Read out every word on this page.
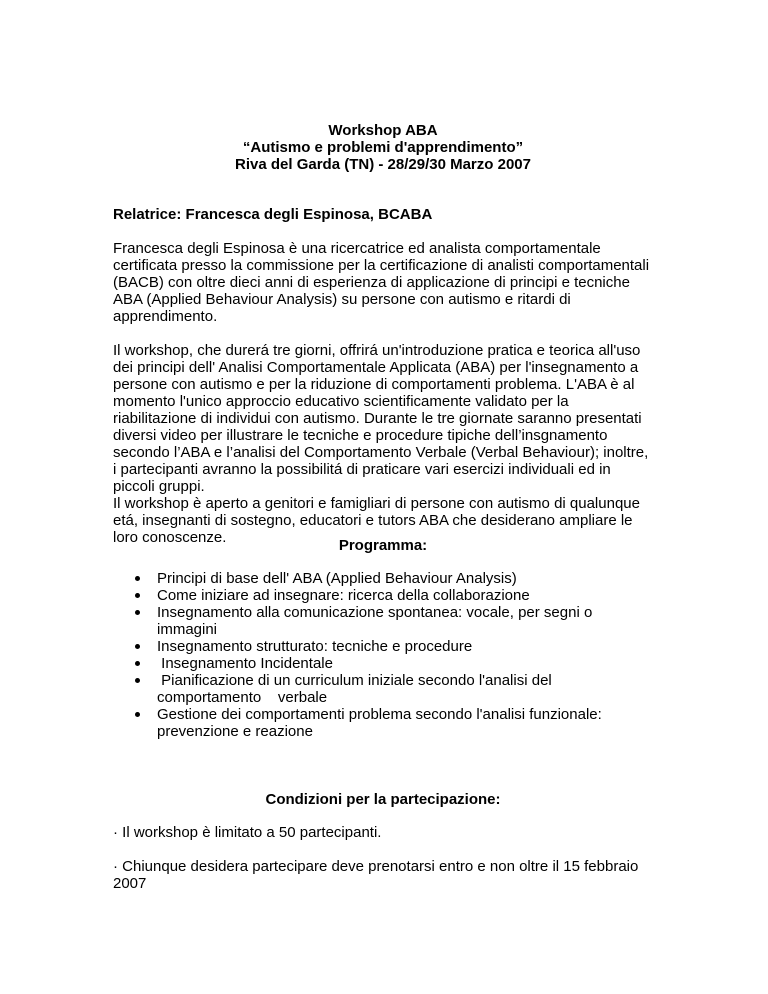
Workshop ABA
“Autismo e problemi d'apprendimento”
Riva del Garda (TN) - 28/29/30 Marzo 2007
Relatrice: Francesca degli Espinosa, BCABA
Francesca degli Espinosa è una ricercatrice ed analista comportamentale
certificata presso la commissione per la certificazione di analisti comportamentali
(BACB) con oltre dieci anni di esperienza di applicazione di principi e tecniche
ABA (Applied Behaviour Analysis) su persone con autismo e ritardi di
apprendimento.
Il workshop, che durerá tre giorni, offrirá un'introduzione pratica e teorica all'uso
dei principi dell' Analisi Comportamentale Applicata (ABA) per l'insegnamento a
persone con autismo e per la riduzione di comportamenti problema. L'ABA è al
momento l'unico approccio educativo scientificamente validato per la
riabilitazione di individui con autismo. Durante le tre giornate saranno presentati
diversi video per illustrare le tecniche e procedure tipiche dell’insgnamento
secondo l’ABA e l’analisi del Comportamento Verbale (Verbal Behaviour); inoltre,
i partecipanti avranno la possibilitá di praticare vari esercizi individuali ed in
piccoli gruppi.
Il workshop è aperto a genitori e famigliari di persone con autismo di qualunque
etá, insegnanti di sostegno, educatori e tutors ABA che desiderano ampliare le
loro conoscenze.	Programma:
Principi di base dell' ABA (Applied Behaviour Analysis)
Come iniziare ad insegnare: ricerca della collaborazione
Insegnamento alla comunicazione spontanea: vocale, per segni o
immagini
Insegnamento strutturato: tecniche e procedure
Insegnamento Incidentale
Pianificazione di un curriculum iniziale secondo l'analisi del
comportamento    verbale
Gestione dei comportamenti problema secondo l'analisi funzionale:
prevenzione e reazione
Condizioni per la partecipazione:
· Il workshop è limitato a 50 partecipanti.
· Chiunque desidera partecipare deve prenotarsi entro e non oltre il 15 febbraio
2007
